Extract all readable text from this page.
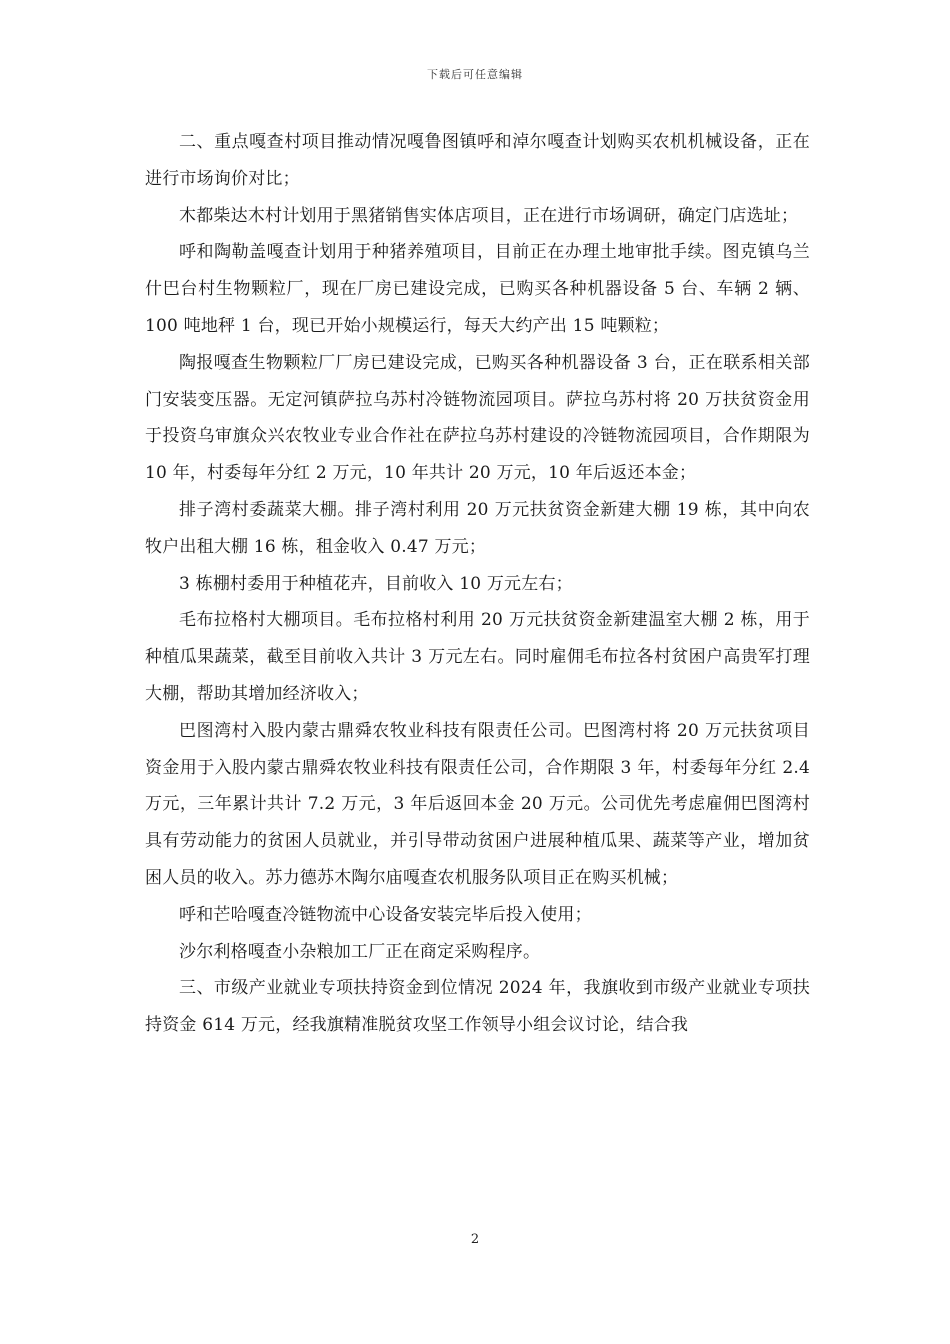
下载后可任意编辑

二、重点嘎查村项目推动情况嘎鲁图镇呼和淖尔嘎查计划购买农机机械设备，正在进行市场询价对比；

木都柴达木村计划用于黑猪销售实体店项目，正在进行市场调研，确定门店选址；

呼和陶勒盖嘎查计划用于种猪养殖项目，目前正在办理土地审批手续。图克镇乌兰什巴台村生物颗粒厂，现在厂房已建设完成，已购买各种机器设备 5 台、车辆 2 辆、100 吨地秤 1 台，现已开始小规模运行，每天大约产出 15 吨颗粒；

陶报嘎查生物颗粒厂厂房已建设完成，已购买各种机器设备 3 台，正在联系相关部门安装变压器。无定河镇萨拉乌苏村冷链物流园项目。萨拉乌苏村将 20 万扶贫资金用于投资乌审旗众兴农牧业专业合作社在萨拉乌苏村建设的冷链物流园项目，合作期限为 10 年，村委每年分红 2 万元，10 年共计 20 万元，10 年后返还本金；

排子湾村委蔬菜大棚。排子湾村利用 20 万元扶贫资金新建大棚 19 栋，其中向农牧户出租大棚 16 栋，租金收入 0.47 万元；

3 栋棚村委用于种植花卉，目前收入 10 万元左右；

毛布拉格村大棚项目。毛布拉格村利用 20 万元扶贫资金新建温室大棚 2 栋，用于种植瓜果蔬菜，截至目前收入共计 3 万元左右。同时雇佣毛布拉各村贫困户高贵军打理大棚，帮助其增加经济收入；

巴图湾村入股内蒙古鼎舜农牧业科技有限责任公司。巴图湾村将 20 万元扶贫项目资金用于入股内蒙古鼎舜农牧业科技有限责任公司，合作期限 3 年，村委每年分红 2.4 万元，三年累计共计 7.2 万元，3 年后返回本金 20 万元。公司优先考虑雇佣巴图湾村具有劳动能力的贫困人员就业，并引导带动贫困户进展种植瓜果、蔬菜等产业，增加贫困人员的收入。苏力德苏木陶尔庙嘎查农机服务队项目正在购买机械；

呼和芒哈嘎查冷链物流中心设备安装完毕后投入使用；

沙尔利格嘎查小杂粮加工厂正在商定采购程序。

三、市级产业就业专项扶持资金到位情况 2024 年，我旗收到市级产业就业专项扶持资金 614 万元，经我旗精准脱贫攻坚工作领导小组会议讨论，结合我

2
